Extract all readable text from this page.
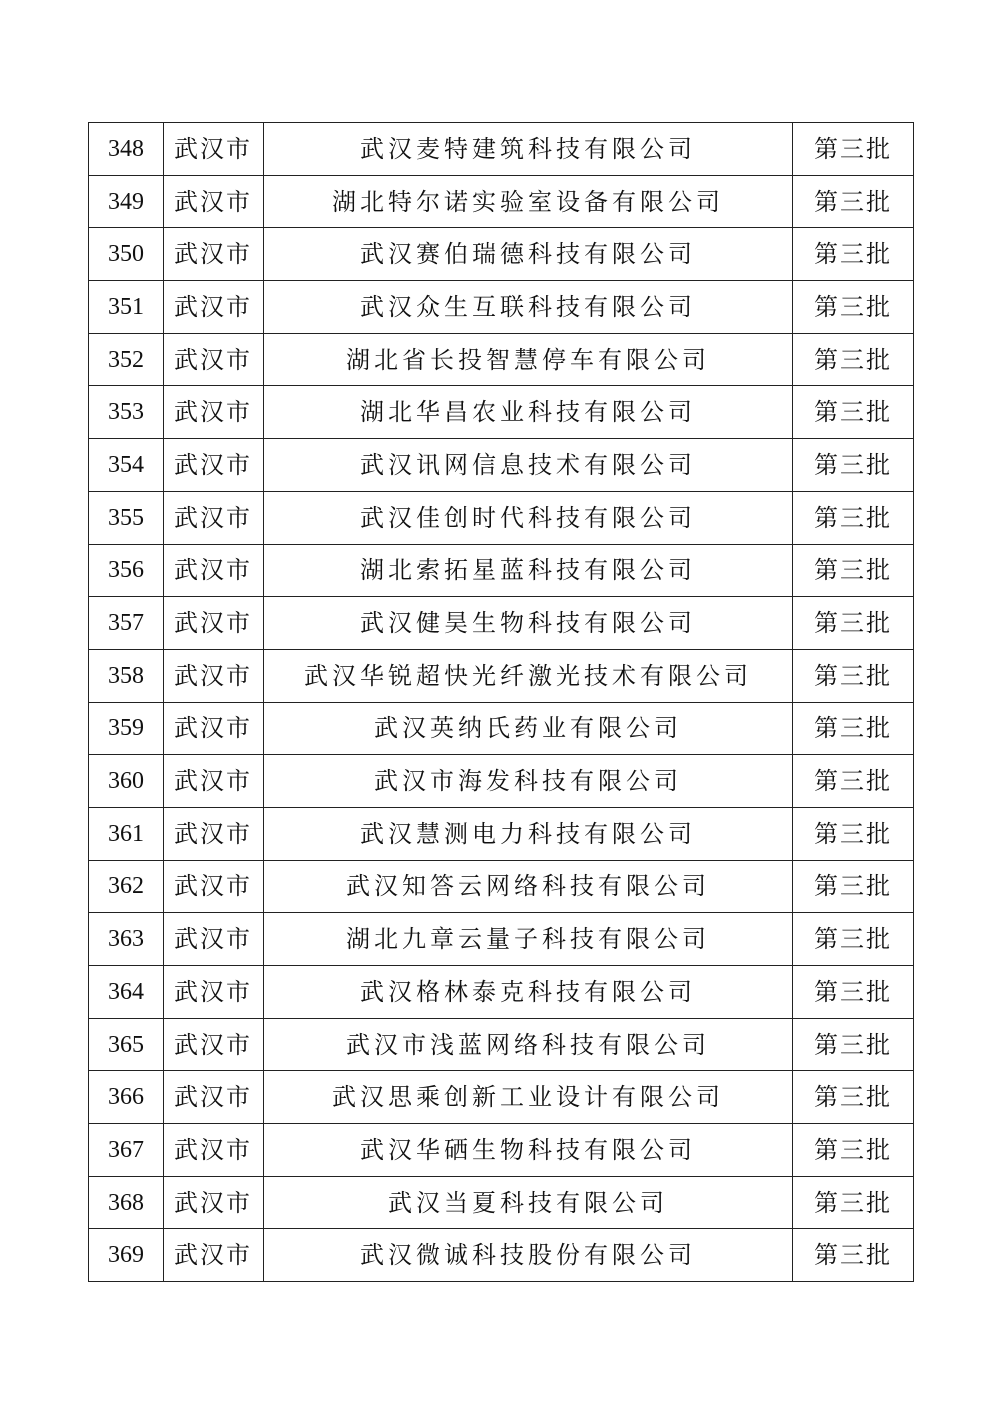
348	武汉市	武汉麦特建筑科技有限公司	第三批
349	武汉市	湖北特尔诺实验室设备有限公司	第三批
350	武汉市	武汉赛伯瑞德科技有限公司	第三批
351	武汉市	武汉众生互联科技有限公司	第三批
352	武汉市	湖北省长投智慧停车有限公司	第三批
353	武汉市	湖北华昌农业科技有限公司	第三批
354	武汉市	武汉讯网信息技术有限公司	第三批
355	武汉市	武汉佳创时代科技有限公司	第三批
356	武汉市	湖北索拓星蓝科技有限公司	第三批
357	武汉市	武汉健昊生物科技有限公司	第三批
358	武汉市	武汉华锐超快光纤激光技术有限公司	第三批
359	武汉市	武汉英纳氏药业有限公司	第三批
360	武汉市	武汉市海发科技有限公司	第三批
361	武汉市	武汉慧测电力科技有限公司	第三批
362	武汉市	武汉知答云网络科技有限公司	第三批
363	武汉市	湖北九章云量子科技有限公司	第三批
364	武汉市	武汉格林泰克科技有限公司	第三批
365	武汉市	武汉市浅蓝网络科技有限公司	第三批
366	武汉市	武汉思乘创新工业设计有限公司	第三批
367	武汉市	武汉华硒生物科技有限公司	第三批
368	武汉市	武汉当夏科技有限公司	第三批
369	武汉市	武汉微诚科技股份有限公司	第三批
